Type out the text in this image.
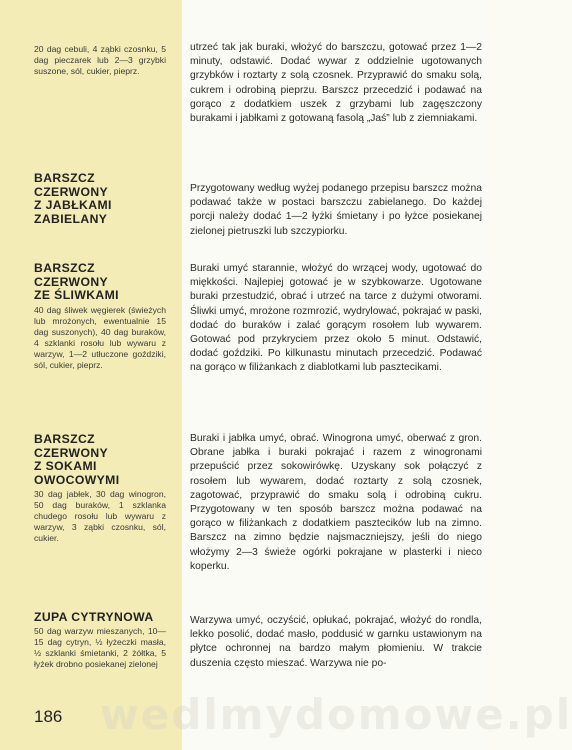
20 dag cebuli, 4 ząbki czosnku, 5 dag pieczarek lub 2—3 grzybki suszone, sól, cukier, pieprz.
BARSZCZ
CZERWONY
Z JABŁKAMI
ZABIELANY
BARSZCZ
CZERWONY
ZE ŚLIWKAMI
40 dag śliwek węgierek (świeżych lub mrożonych, ewentualnie 15 dag suszonych), 40 dag buraków, 4 szklanki rosołu lub wywaru z warzyw, 1—2 utłuczone goździki, sól, cukier, pieprz.
BARSZCZ
CZERWONY
Z SOKAMI
OWOCOWYMI
30 dag jabłek, 30 dag winogron, 50 dag buraków, 1 szklanka chudego rosołu lub wywaru z warzyw, 3 ząbki czosnku, sól, cukier.
ZUPA CYTRYNOWA
50 dag warzyw mieszanych, 10—15 dag cytryn, ½ łyżeczki masła, ½ szklanki śmietanki, 2 żółtka, 5 łyżek drobno posiekanej zielonej
186
utrzeć tak jak buraki, włożyć do barszczu, gotować przez 1—2 minuty, odstawić. Dodać wywar z oddzielnie ugotowanych grzybków i roztarty z solą czosnek. Przyprawić do smaku solą, cukrem i odrobiną pieprzu. Barszcz przecedzić i podawać na gorąco z dodatkiem uszek z grzybami lub zagęszczony burakami i jabłkami z gotowaną fasolą „Jaś” lub z ziemniakami.
Przygotowany według wyżej podanego przepisu barszcz można podawać także w postaci barszczu zabielanego. Do każdej porcji należy dodać 1—2 łyżki śmietany i po łyżce posiekanej zielonej pietruszki lub szczypiorku.
Buraki umyć starannie, włożyć do wrzącej wody, ugotować do miękkości. Najlepiej gotować je w szybkowarze. Ugotowane buraki przestudzić, obrać i utrzeć na tarce z dużymi otworami. Śliwki umyć, mrożone rozmrozić, wydrylować, pokrajać w paski, dodać do buraków i zalać gorącym rosołem lub wywarem. Gotować pod przykryciem przez około 5 minut. Odstawić, dodać goździki. Po kilkunastu minutach przecedzić. Podawać na gorąco w filiżankach z diablotkami lub pasztecikami.
Buraki i jabłka umyć, obrać. Winogrona umyć, oberwać z gron. Obrane jabłka i buraki pokrajać i razem z winogronami przepuścić przez sokowirówkę. Uzyskany sok połączyć z rosołem lub wywarem, dodać roztarty z solą czosnek, zagotować, przyprawić do smaku solą i odrobiną cukru. Przygotowany w ten sposób barszcz można podawać na gorąco w filiżankach z dodatkiem pasztecików lub na zimno. Barszcz na zimno będzie najsmaczniejszy, jeśli do niego włożymy 2—3 świeże ogórki pokrajane w plasterki i nieco koperku.
Warzywa umyć, oczyścić, opłukać, pokrajać, włożyć do rondla, lekko posolić, dodać masło, poddusić w garnku ustawionym na płytce ochronnej na bardzo małym płomieniu. W trakcie duszenia często mieszać. Warzywa nie po-
wedlmydomowe.pl
